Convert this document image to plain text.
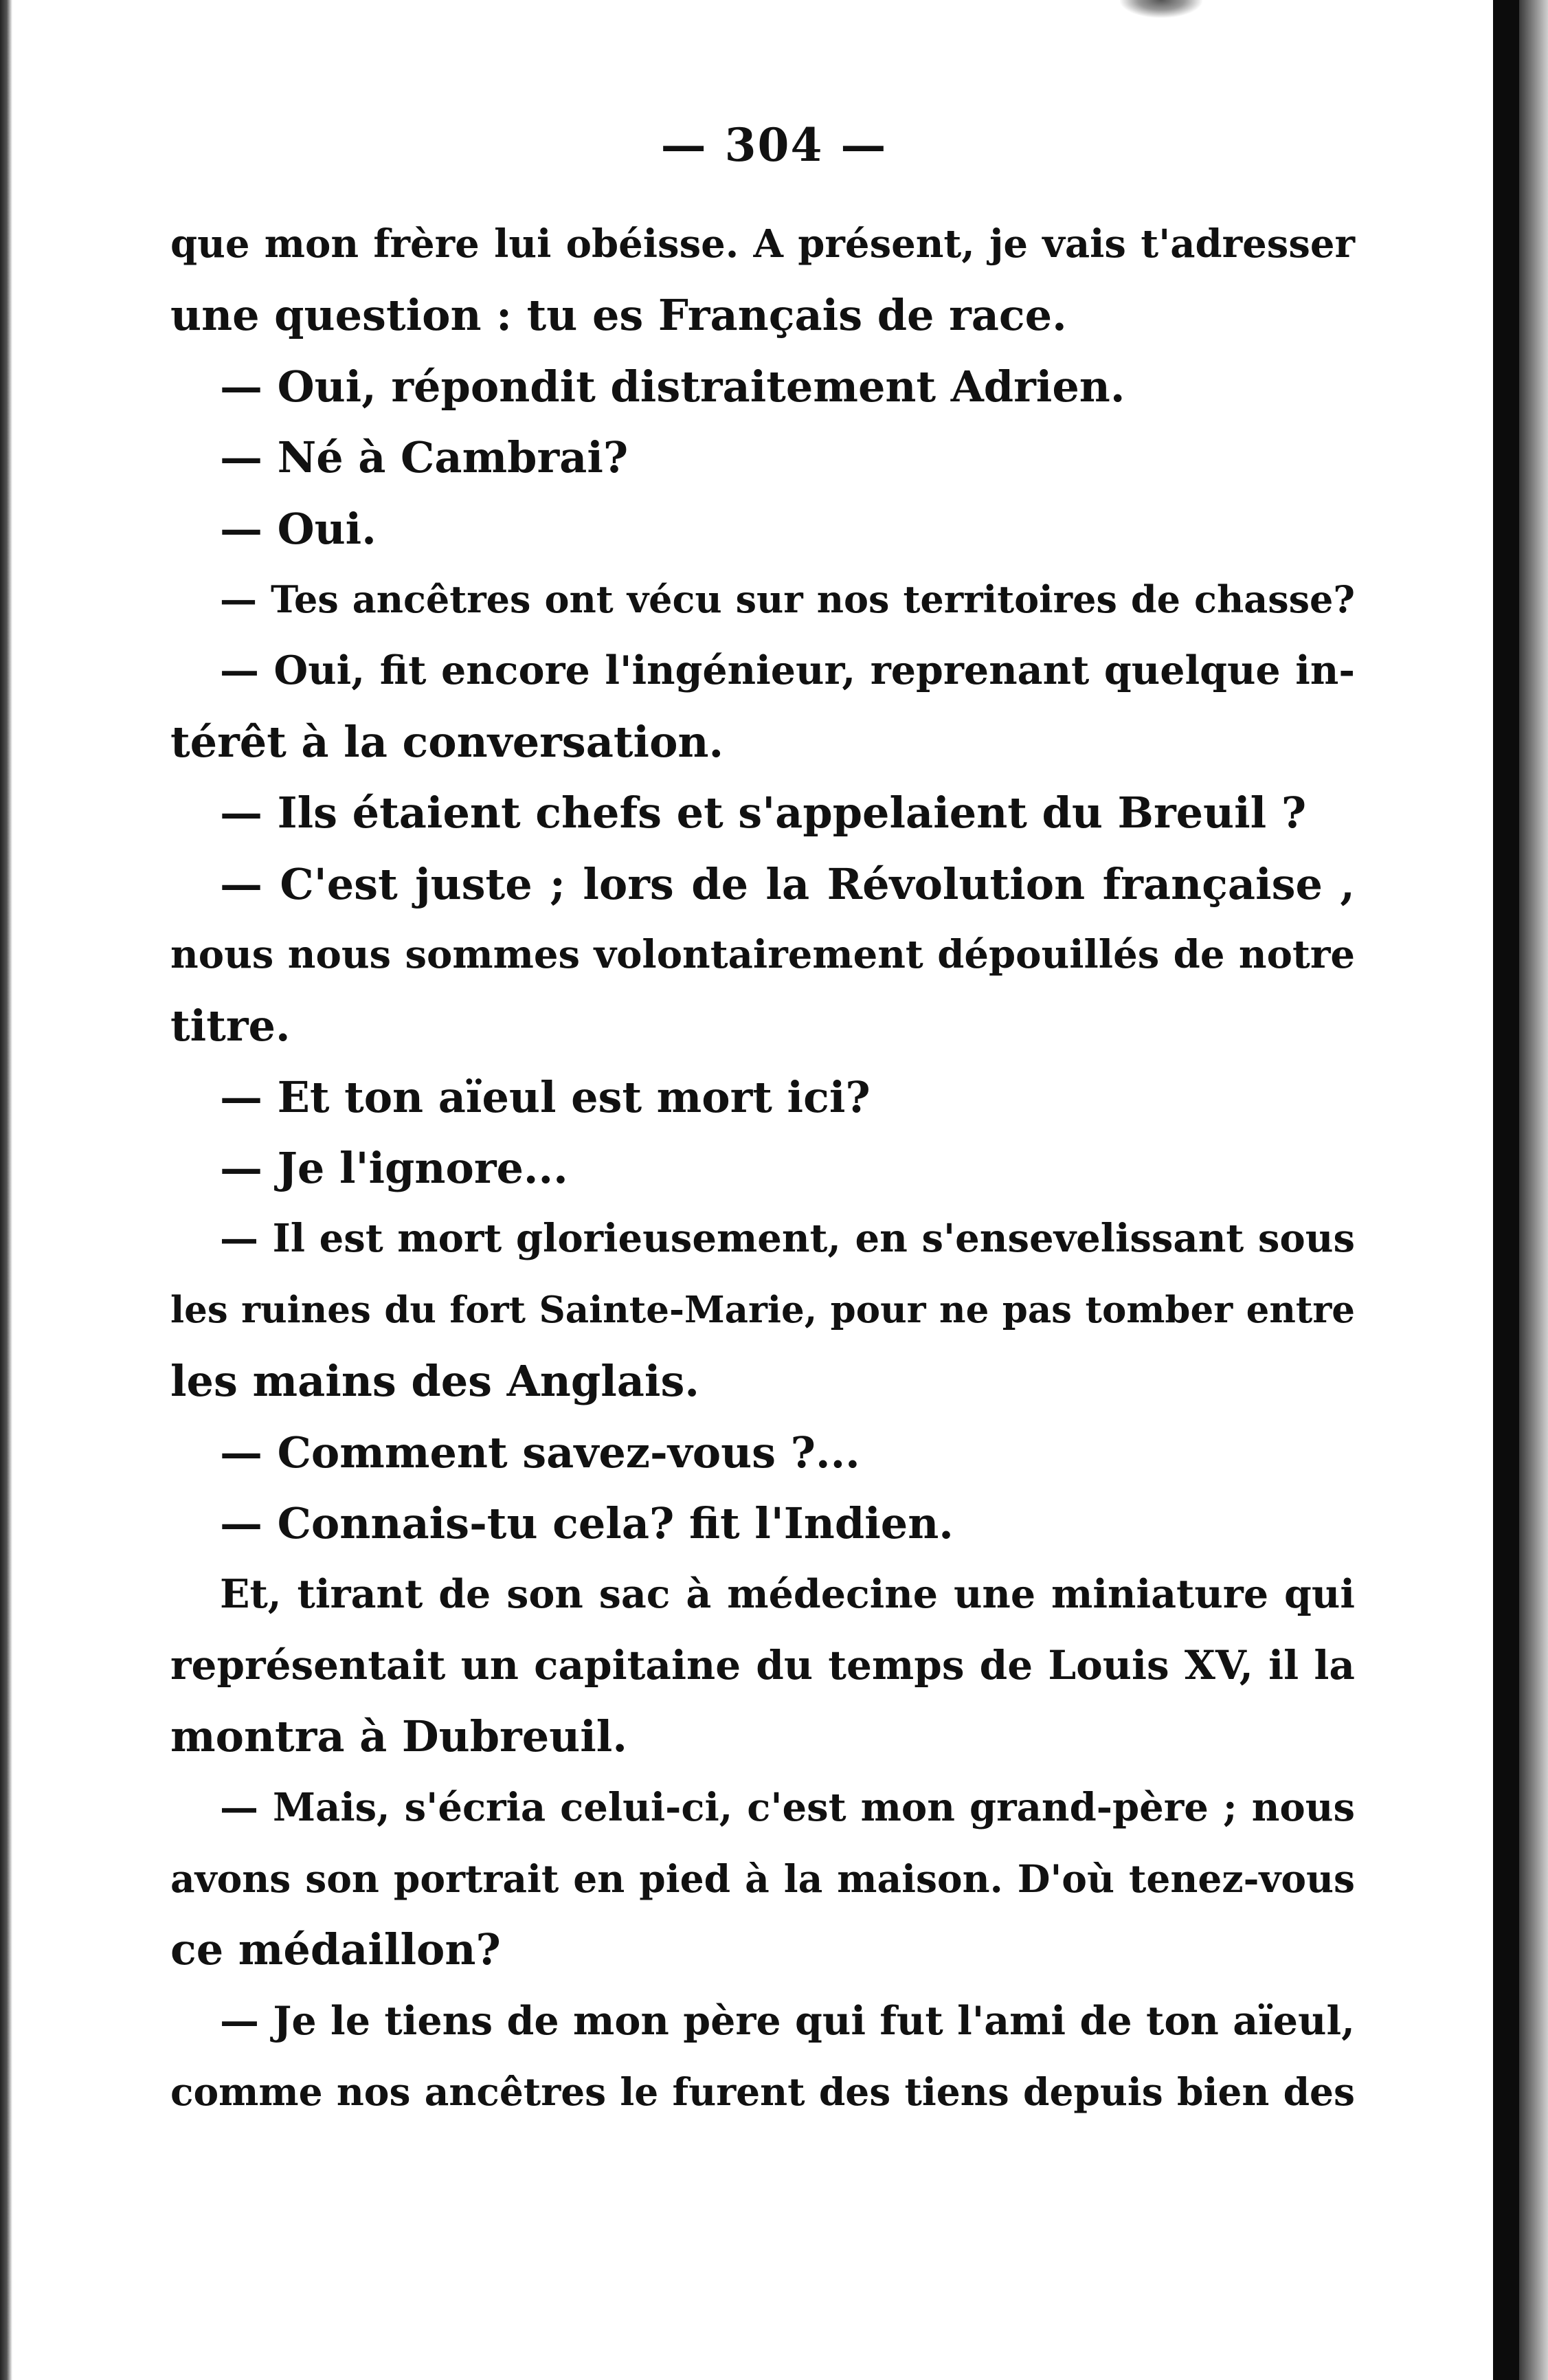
— 304 —
que mon frère lui obéisse. A présent, je vais t'adresser
une question : tu es Français de race.
— Oui, répondit distraitement Adrien.
— Né à Cambrai?
— Oui.
— Tes ancêtres ont vécu sur nos territoires de chasse?
— Oui, fit encore l'ingénieur, reprenant quelque in-
térêt à la conversation.
— Ils étaient chefs et s'appelaient du Breuil ?
— C'est juste ; lors de la Révolution française ,
nous nous sommes volontairement dépouillés de notre
titre.
— Et ton aïeul est mort ici?
— Je l'ignore...
— Il est mort glorieusement, en s'ensevelissant sous
les ruines du fort Sainte-Marie, pour ne pas tomber entre
les mains des Anglais.
— Comment savez-vous ?...
— Connais-tu cela? fit l'Indien.
Et, tirant de son sac à médecine une miniature qui
représentait un capitaine du temps de Louis XV, il la
montra à Dubreuil.
— Mais, s'écria celui-ci, c'est mon grand-père ; nous
avons son portrait en pied à la maison. D'où tenez-vous
ce médaillon?
— Je le tiens de mon père qui fut l'ami de ton aïeul,
comme nos ancêtres le furent des tiens depuis bien des
